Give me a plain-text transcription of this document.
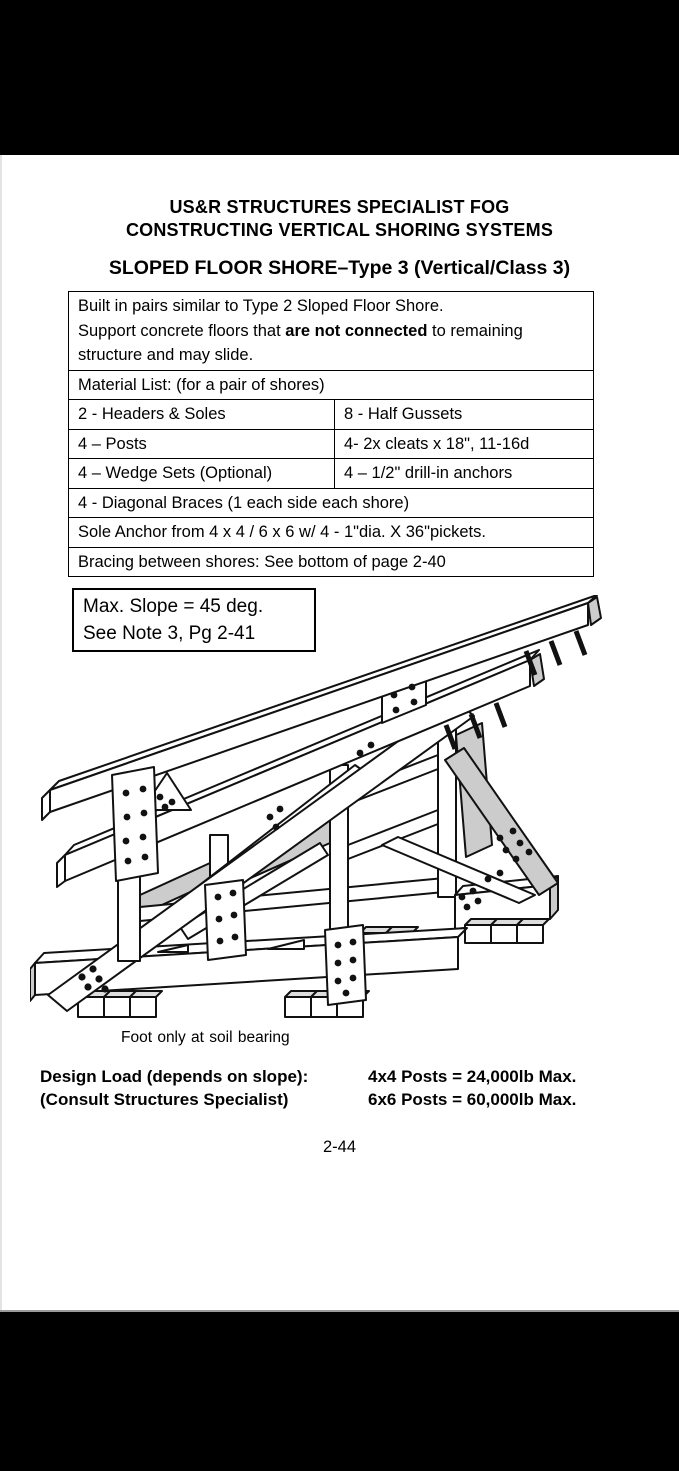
US&R STRUCTURES SPECIALIST FOG
CONSTRUCTING VERTICAL SHORING SYSTEMS
SLOPED FLOOR SHORE–Type 3 (Vertical/Class 3)
Built in pairs similar to Type 2 Sloped Floor Shore.
Support concrete floors that are not connected to remaining structure and may slide.	
Material List: (for a pair of shores)	
2 - Headers & Soles	8 - Half Gussets
4 – Posts	4- 2x cleats x 18", 11-16d
4 – Wedge Sets (Optional)	4 – 1/2" drill-in anchors
4 - Diagonal Braces (1 each side each shore)	
Sole Anchor from 4 x 4 / 6 x 6 w/ 4 - 1"dia. X 36"pickets.	
Bracing between shores: See bottom of page 2-40	
Max. Slope = 45 deg.
See Note 3, Pg 2-41
Foot only at soil bearing
Design Load (depends on slope):	4x4 Posts = 24,000lb Max.
(Consult Structures Specialist)	6x6 Posts = 60,000lb Max.
2-44
